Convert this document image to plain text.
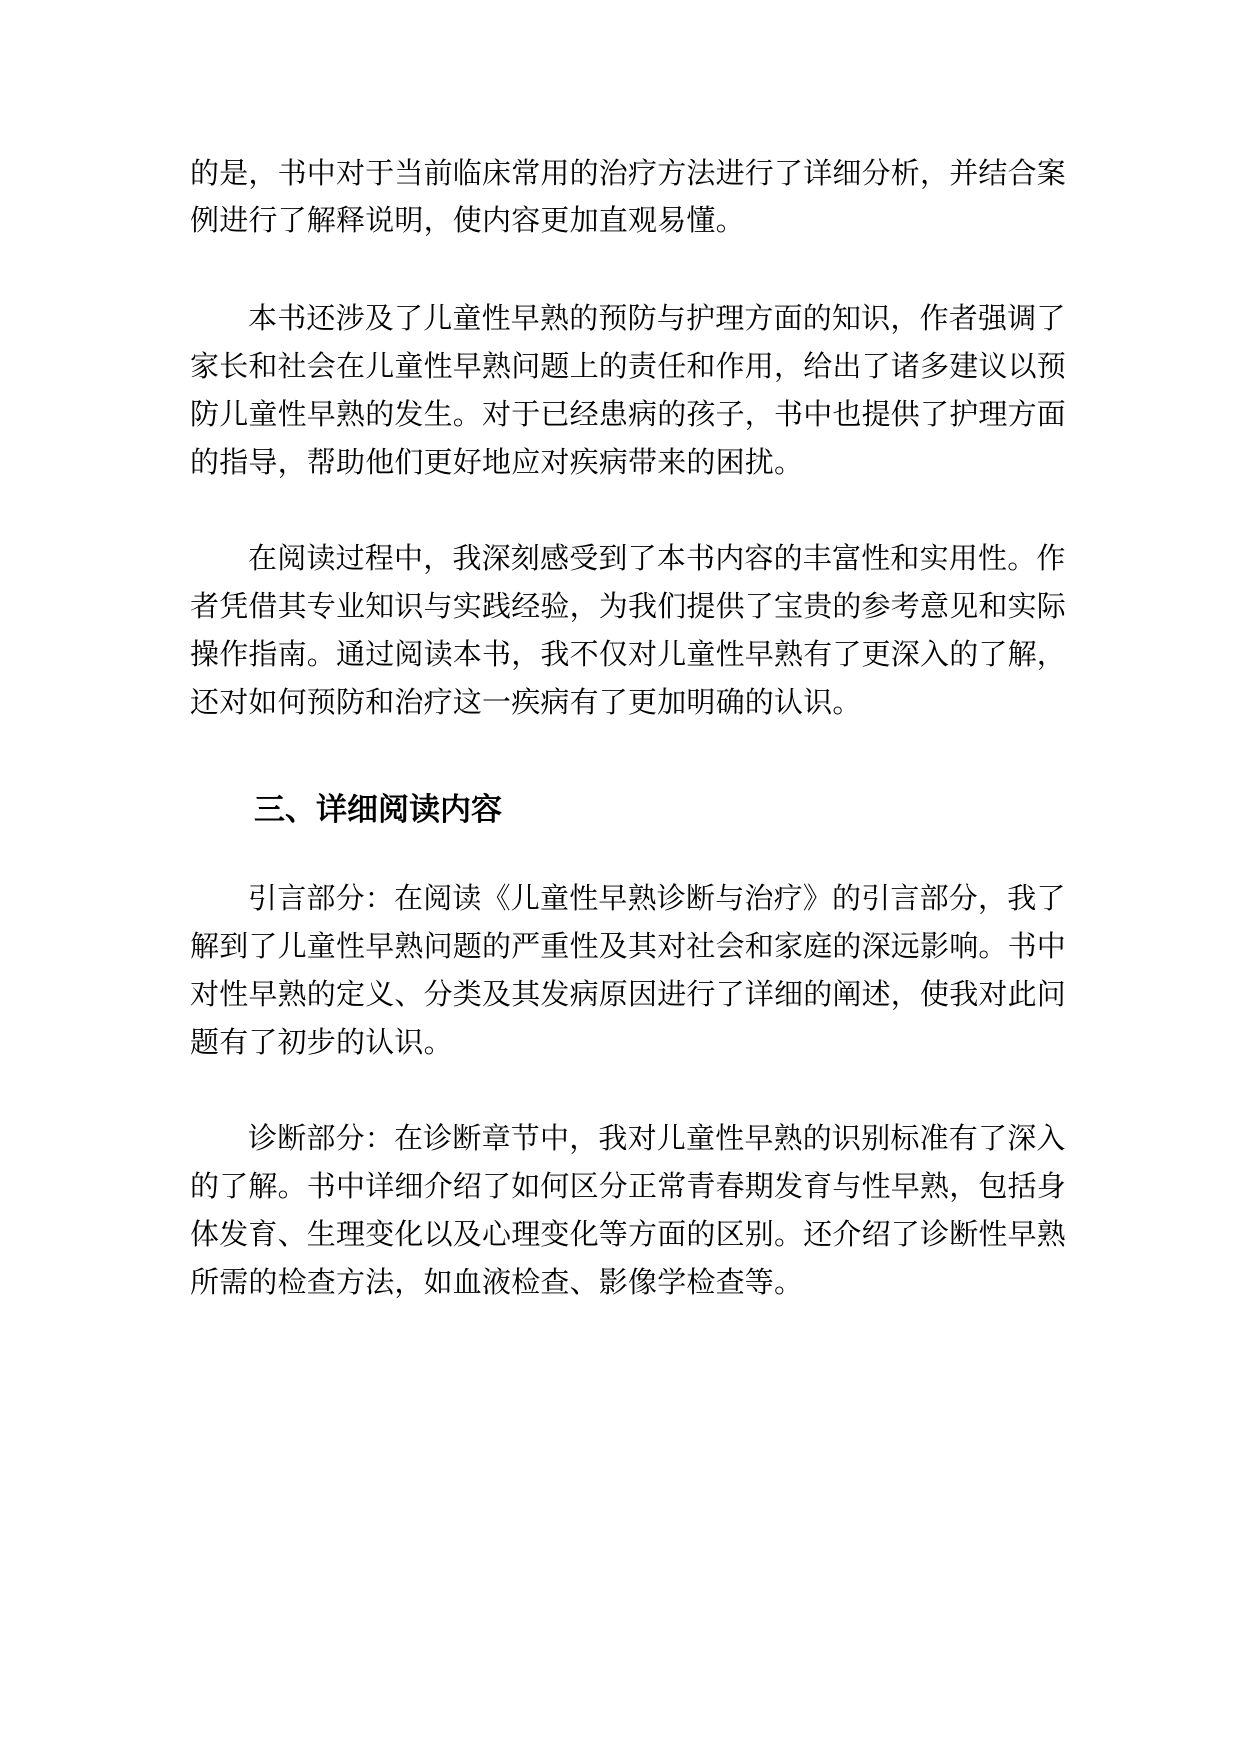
的是，书中对于当前临床常用的治疗方法进行了详细分析，并结合案
例进行了解释说明，使内容更加直观易懂。
本书还涉及了儿童性早熟的预防与护理方面的知识，作者强调了
家长和社会在儿童性早熟问题上的责任和作用，给出了诸多建议以预
防儿童性早熟的发生。对于已经患病的孩子，书中也提供了护理方面
的指导，帮助他们更好地应对疾病带来的困扰。
在阅读过程中，我深刻感受到了本书内容的丰富性和实用性。作
者凭借其专业知识与实践经验，为我们提供了宝贵的参考意见和实际
操作指南。通过阅读本书，我不仅对儿童性早熟有了更深入的了解，
还对如何预防和治疗这一疾病有了更加明确的认识。
三、详细阅读内容
引言部分：在阅读《儿童性早熟诊断与治疗》的引言部分，我了
解到了儿童性早熟问题的严重性及其对社会和家庭的深远影响。书中
对性早熟的定义、分类及其发病原因进行了详细的阐述，使我对此问
题有了初步的认识。
诊断部分：在诊断章节中，我对儿童性早熟的识别标准有了深入
的了解。书中详细介绍了如何区分正常青春期发育与性早熟，包括身
体发育、生理变化以及心理变化等方面的区别。还介绍了诊断性早熟
所需的检查方法，如血液检查、影像学检查等。
